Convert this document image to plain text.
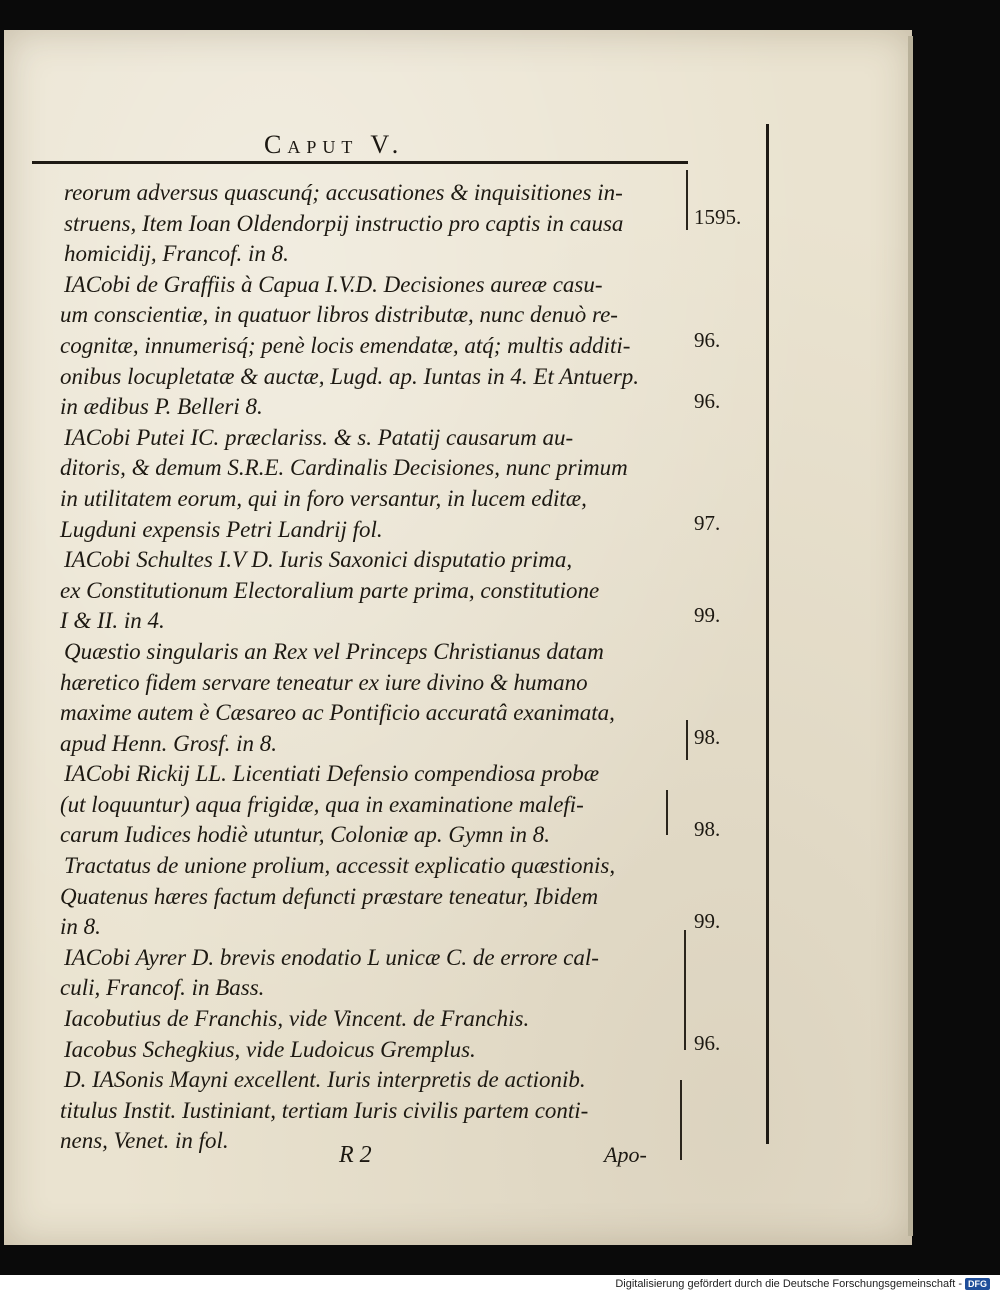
Caput V.
reorum adversus quascunq́; accusationes & inquisitiones in-
struens, Item Ioan Oldendorpij instructio pro captis in causa
homicidij, Francof. in 8.
IACobi de Graffiis à Capua I.V.D. Decisiones aureæ casu-
um conscientiæ, in quatuor libros distributæ, nunc denuò re-
cognitæ, innumerisq́; penè locis emendatæ, atq́; multis additi-
onibus locupletatæ & auctæ, Lugd. ap. Iuntas in 4. Et Antuerp.
in ædibus P. Belleri 8.
IACobi Putei IC. præclariss. & s. Patatij causarum au-
ditoris, & demum S.R.E. Cardinalis Decisiones, nunc primum
in utilitatem eorum, qui in foro versantur, in lucem editæ,
Lugduni expensis Petri Landrij fol.
IACobi Schultes I.V D. Iuris Saxonici disputatio prima,
ex Constitutionum Electoralium parte prima, constitutione
I & II. in 4.
Quæstio singularis an Rex vel Princeps Christianus datam
hæretico fidem servare teneatur ex iure divino & humano
maxime autem è Cæsareo ac Pontificio accuratâ exanimata,
apud Henn. Grosf. in 8.
IACobi Rickij LL. Licentiati Defensio compendiosa probæ
(ut loquuntur) aqua frigidæ, qua in examinatione malefi-
carum Iudices hodiè utuntur, Coloniæ ap. Gymn in 8.
Tractatus de unione prolium, accessit explicatio quæstionis,
Quatenus hæres factum defuncti præstare teneatur, Ibidem
in 8.
IACobi Ayrer D. brevis enodatio L unicæ C. de errore cal-
culi, Francof. in Bass.
Iacobutius de Franchis, vide Vincent. de Franchis.
Iacobus Schegkius, vide Ludoicus Gremplus.
D. IASonis Mayni excellent. Iuris interpretis de actionib.
titulus Instit. Iustiniant, tertiam Iuris civilis partem conti-
nens, Venet. in fol.
1595.
96.
96.
97.
99.
98.
98.
99.
96.
R 2	Apo-
Digitalisierung gefördert durch die Deutsche Forschungsgemeinschaft - DFG
